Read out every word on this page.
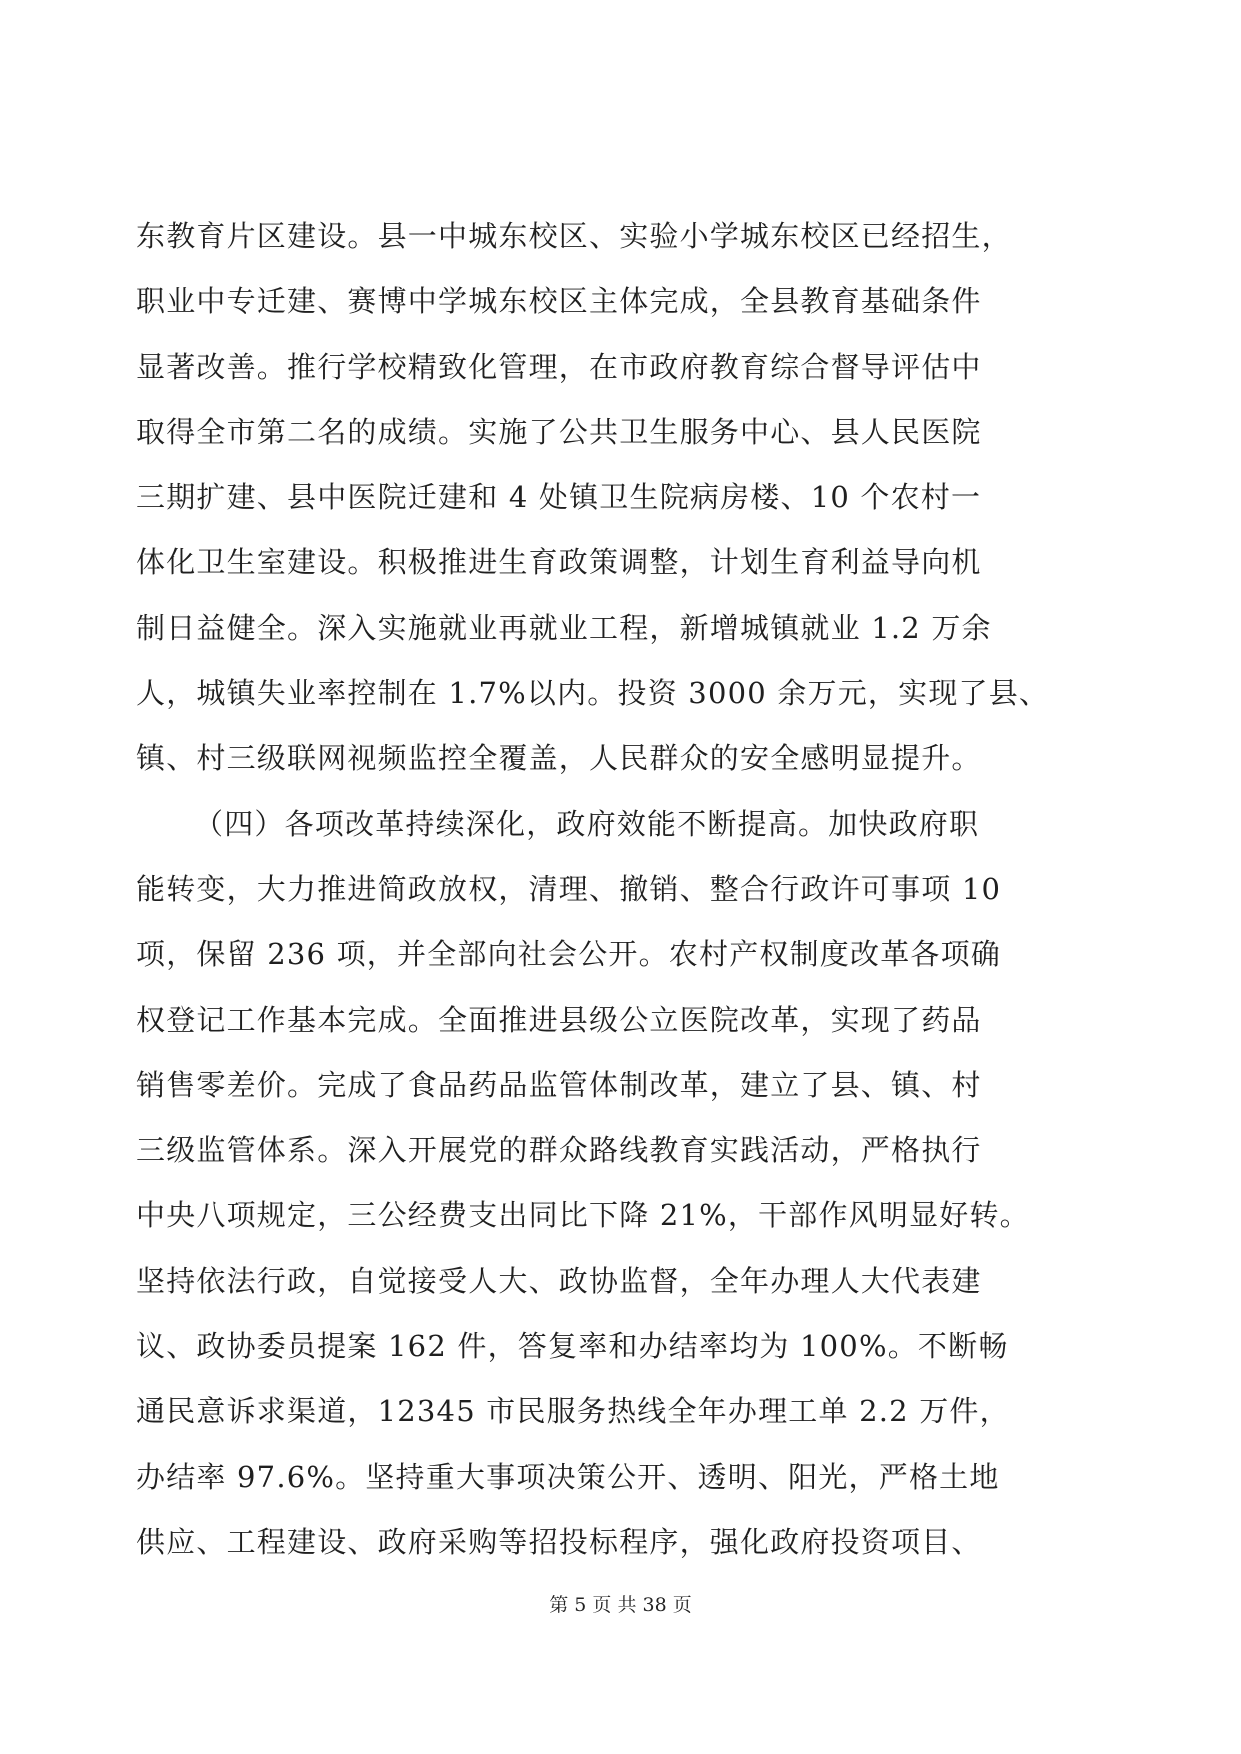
东教育片区建设。县一中城东校区、实验小学城东校区已经招生，
职业中专迁建、赛博中学城东校区主体完成，全县教育基础条件
显著改善。推行学校精致化管理，在市政府教育综合督导评估中
取得全市第二名的成绩。实施了公共卫生服务中心、县人民医院
三期扩建、县中医院迁建和 4 处镇卫生院病房楼、10 个农村一
体化卫生室建设。积极推进生育政策调整，计划生育利益导向机
制日益健全。深入实施就业再就业工程，新增城镇就业 1.2 万余
人，城镇失业率控制在 1.7%以内。投资 3000 余万元，实现了县、
镇、村三级联网视频监控全覆盖，人民群众的安全感明显提升。
（四）各项改革持续深化，政府效能不断提高。加快政府职
能转变，大力推进简政放权，清理、撤销、整合行政许可事项 10
项，保留 236 项，并全部向社会公开。农村产权制度改革各项确
权登记工作基本完成。全面推进县级公立医院改革，实现了药品
销售零差价。完成了食品药品监管体制改革，建立了县、镇、村
三级监管体系。深入开展党的群众路线教育实践活动，严格执行
中央八项规定，三公经费支出同比下降 21%，干部作风明显好转。
坚持依法行政，自觉接受人大、政协监督，全年办理人大代表建
议、政协委员提案 162 件，答复率和办结率均为 100%。不断畅
通民意诉求渠道，12345 市民服务热线全年办理工单 2.2 万件，
办结率 97.6%。坚持重大事项决策公开、透明、阳光，严格土地
供应、工程建设、政府采购等招投标程序，强化政府投资项目、
第 5 页 共 38 页
